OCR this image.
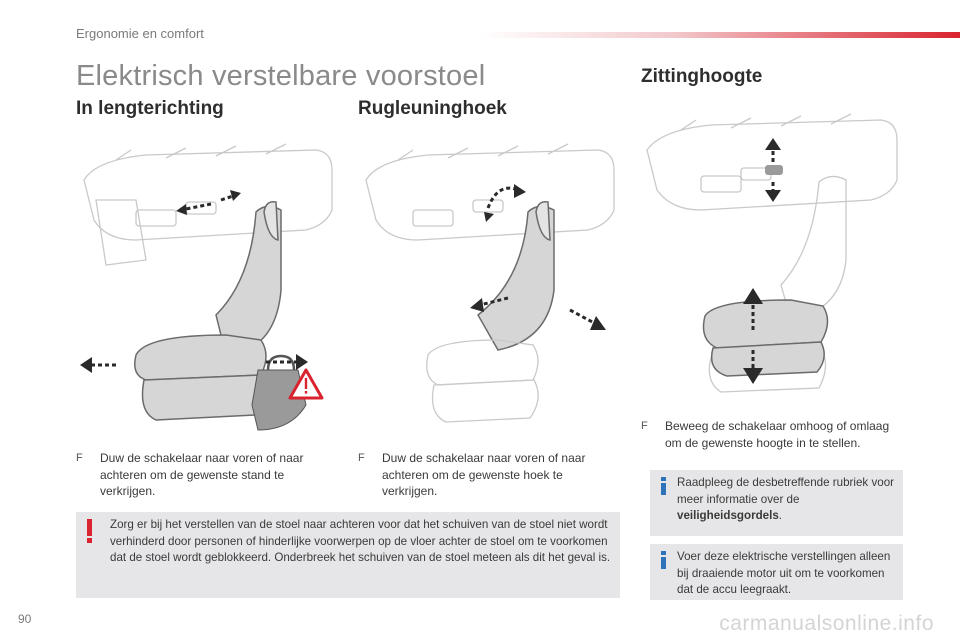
Ergonomie en comfort
Elektrisch verstelbare voorstoel
In lengterichting	Rugleuninghoek
Zittinghoogte
F Duw de schakelaar naar voren of naar achteren om de gewenste stand te verkrijgen.
F Duw de schakelaar naar voren of naar achteren om de gewenste hoek te verkrijgen.
F Beweeg de schakelaar omhoog of omlaag om de gewenste hoogte in te stellen.
Zorg er bij het verstellen van de stoel naar achteren voor dat het schuiven van de stoel niet wordt verhinderd door personen of hinderlijke voorwerpen op de vloer achter de stoel om te voorkomen dat de stoel wordt geblokkeerd. Onderbreek het schuiven van de stoel meteen als dit het geval is.
Raadpleeg de desbetreffende rubriek voor meer informatie over de veiligheidsgordels.
Voer deze elektrische verstellingen alleen bij draaiende motor uit om te voorkomen dat de accu leegraakt.
90	carmanualsonline.info
